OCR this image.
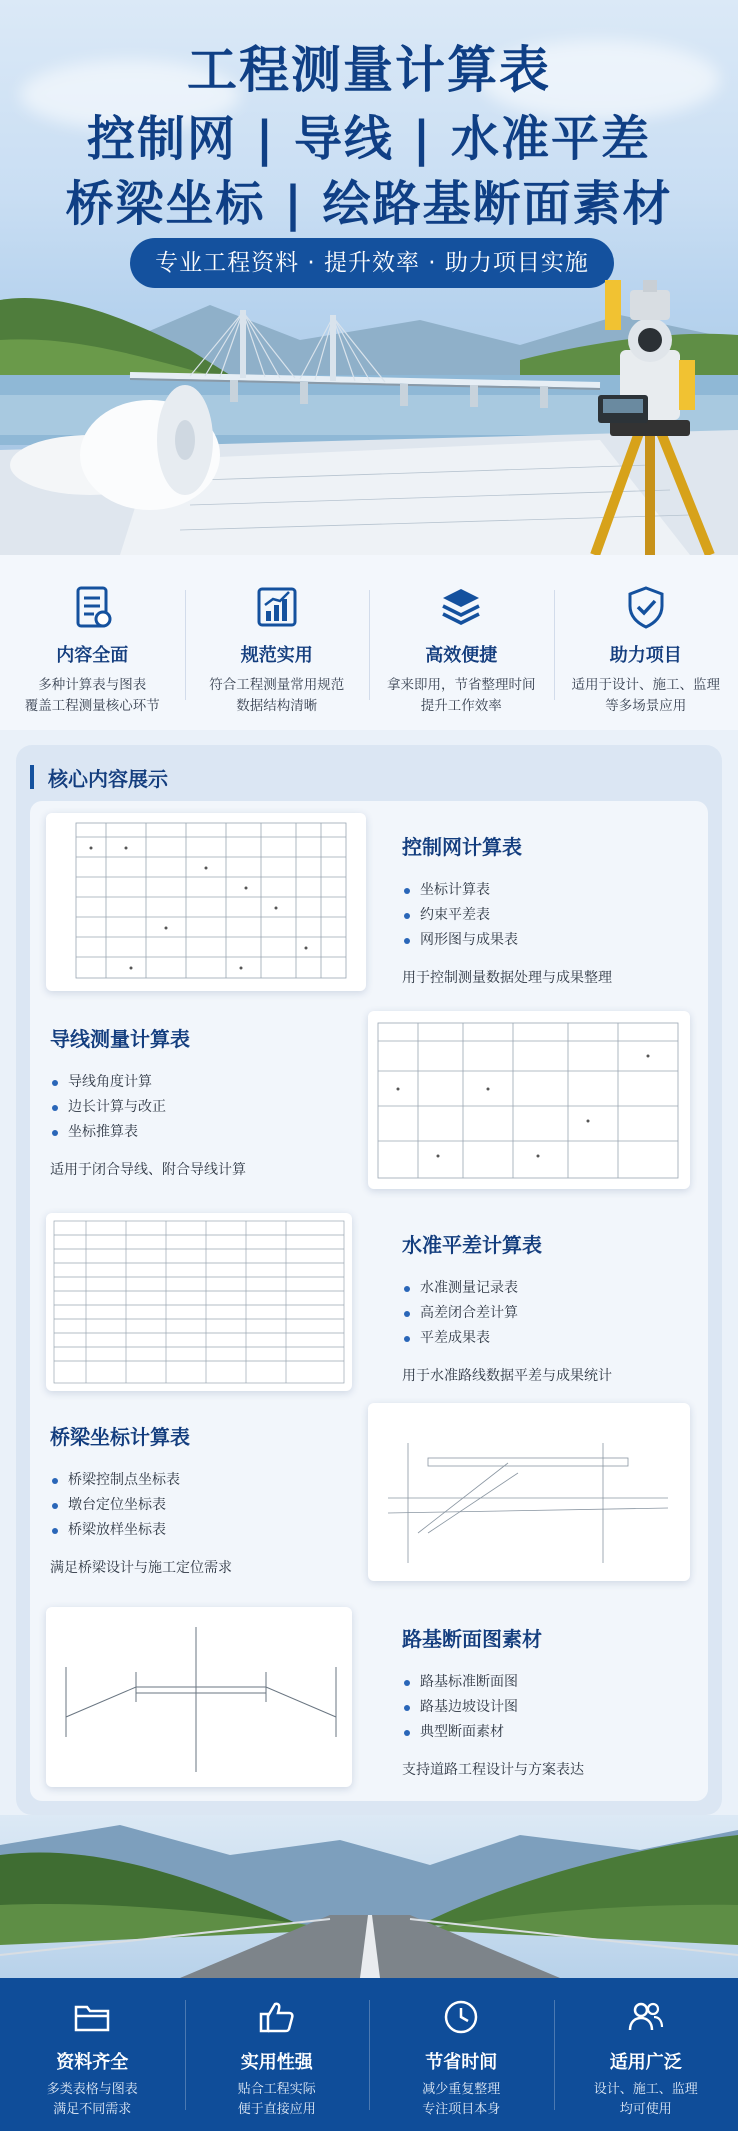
工程测量计算表
控制网 | 导线 | 水准平差
桥梁坐标 | 绘路基断面素材
专业工程资料 · 提升效率 · 助力项目实施
内容全面
多种计算表与图表
覆盖工程测量核心环节
规范实用
符合工程测量常用规范
数据结构清晰
高效便捷
拿来即用，节省整理时间
提升工作效率
助力项目
适用于设计、施工、监理
等多场景应用
核心内容展示
控制网计算表
坐标计算表
约束平差表
网形图与成果表
用于控制测量数据处理与成果整理
导线测量计算表
导线角度计算
边长计算与改正
坐标推算表
适用于闭合导线、附合导线计算
水准平差计算表
水准测量记录表
高差闭合差计算
平差成果表
用于水准路线数据平差与成果统计
桥梁坐标计算表
桥梁控制点坐标表
墩台定位坐标表
桥梁放样坐标表
满足桥梁设计与施工定位需求
路基断面图素材
路基标准断面图
路基边坡设计图
典型断面素材
支持道路工程设计与方案表达
资料齐全
多类表格与图表
满足不同需求
实用性强
贴合工程实际
便于直接应用
节省时间
减少重复整理
专注项目本身
适用广泛
设计、施工、监理
均可使用
